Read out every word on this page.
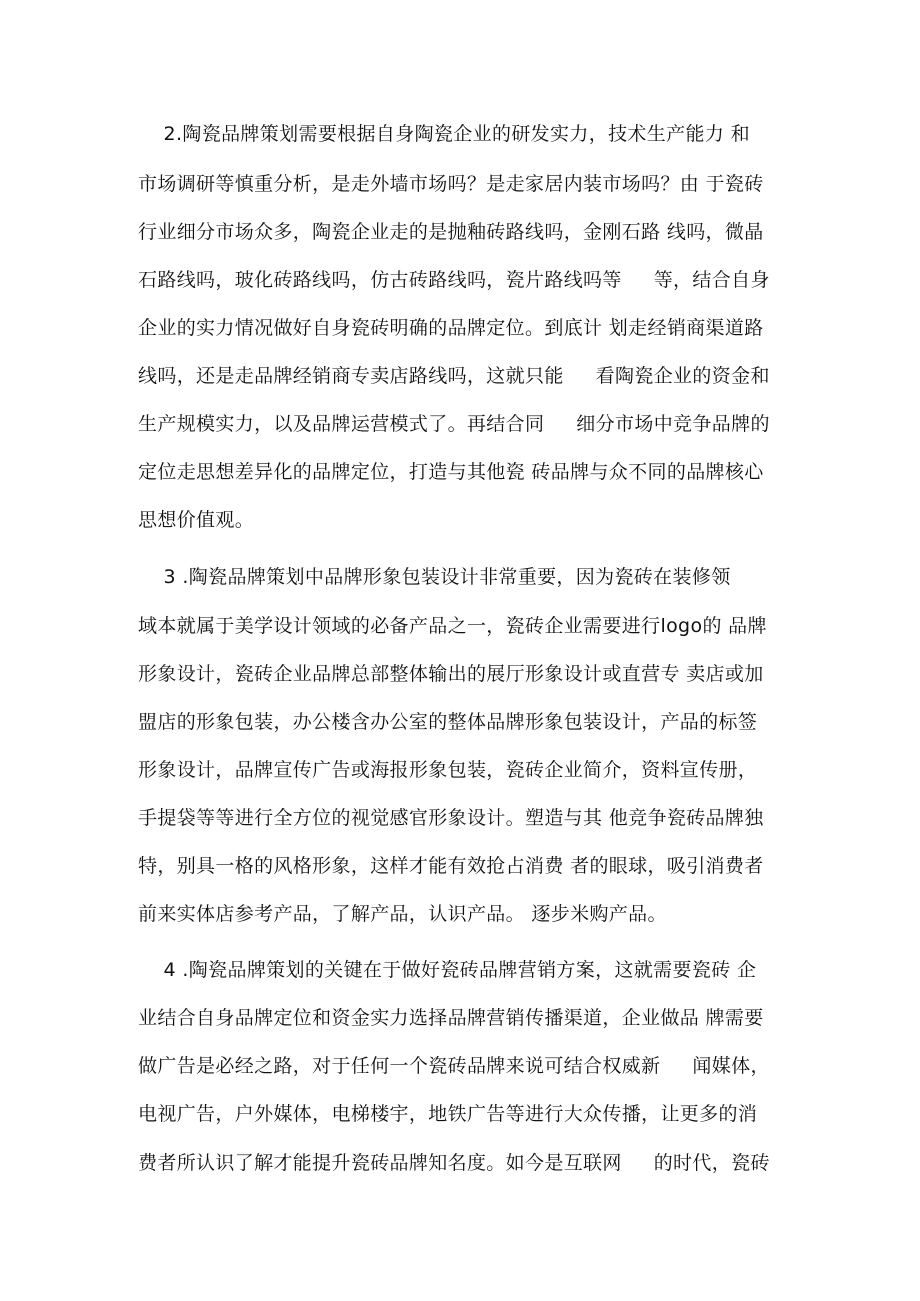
2.陶瓷品牌策划需要根据自身陶瓷企业的研发实力，技术生产能力 和
市场调研等慎重分析，是走外墙市场吗？是走家居内装市场吗？由 于瓷砖
行业细分市场众多，陶瓷企业走的是抛釉砖路线吗，金刚石路 线吗，微晶
石路线吗，玻化砖路线吗，仿古砖路线吗，瓷片路线吗等     等，结合自身
企业的实力情况做好自身瓷砖明确的品牌定位。到底计 划走经销商渠道路
线吗，还是走品牌经销商专卖店路线吗，这就只能     看陶瓷企业的资金和
生产规模实力，以及品牌运营模式了。再结合同     细分市场中竞争品牌的
定位走思想差异化的品牌定位，打造与其他瓷 砖品牌与众不同的品牌核心
思想价值观。
3 .陶瓷品牌策划中品牌形象包装设计非常重要，因为瓷砖在装修领
域本就属于美学设计领域的必备产品之一，瓷砖企业需要进行logo的 品牌
形象设计，瓷砖企业品牌总部整体输出的展厅形象设计或直营专 卖店或加
盟店的形象包装，办公楼含办公室的整体品牌形象包装设计，产品的标签
形象设计，品牌宣传广告或海报形象包装，瓷砖企业简介，资料宣传册，
手提袋等等进行全方位的视觉感官形象设计。塑造与其 他竞争瓷砖品牌独
特，别具一格的风格形象，这样才能有效抢占消费 者的眼球，吸引消费者
前来实体店参考产品，了解产品，认识产品。 逐步米购产品。
4 .陶瓷品牌策划的关键在于做好瓷砖品牌营销方案，这就需要瓷砖 企
业结合自身品牌定位和资金实力选择品牌营销传播渠道，企业做品 牌需要
做广告是必经之路，对于任何一个瓷砖品牌来说可结合权威新     闻媒体，
电视广告，户外媒体，电梯楼宇，地铁广告等进行大众传播，让更多的消
费者所认识了解才能提升瓷砖品牌知名度。如今是互联网     的时代，瓷砖
